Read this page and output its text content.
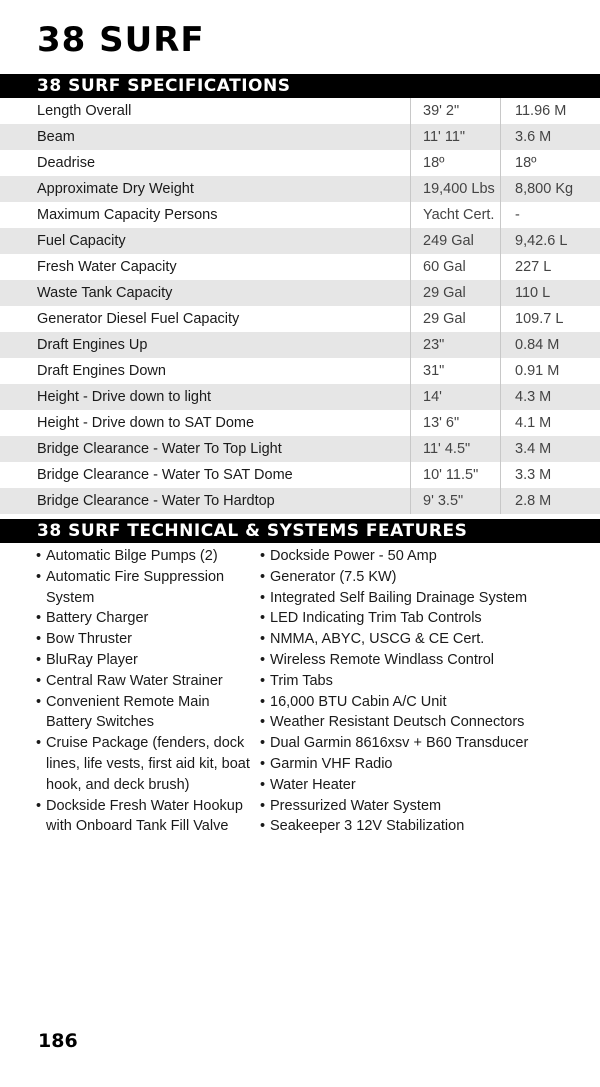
38 SURF
38 SURF SPECIFICATIONS
Length Overall	39' 2"	11.96 M
Beam	11' 11"	3.6 M
Deadrise	18º	18º
Approximate Dry Weight	19,400 Lbs	8,800 Kg
Maximum Capacity Persons	Yacht Cert.	-
Fuel Capacity	249 Gal	9,42.6 L
Fresh Water Capacity	60 Gal	227 L
Waste Tank Capacity	29 Gal	110 L
Generator Diesel Fuel Capacity	29 Gal	109.7 L
Draft Engines Up	23"	0.84 M
Draft Engines Down	31"	0.91 M
Height - Drive down to light	14'	4.3 M
Height - Drive down to SAT Dome	13' 6"	4.1 M
Bridge Clearance - Water To Top Light	11' 4.5"	3.4 M
Bridge Clearance - Water To SAT Dome	10' 11.5"	3.3 M
Bridge Clearance - Water To Hardtop	9' 3.5"	2.8 M
38 SURF TECHNICAL & SYSTEMS FEATURES
• Automatic Bilge Pumps (2)
• Automatic Fire Suppression System
• Battery Charger
• Bow Thruster
• BluRay Player
• Central Raw Water Strainer
• Convenient Remote Main Battery Switches
• Cruise Package (fenders, dock lines, life vests, first aid kit, boat hook, and deck brush)
• Dockside Fresh Water Hookup with Onboard Tank Fill Valve
• Dockside Power - 50 Amp
• Generator (7.5 KW)
• Integrated Self Bailing Drainage System
• LED Indicating Trim Tab Controls
• NMMA, ABYC, USCG & CE Cert.
• Wireless Remote Windlass Control
• Trim Tabs
• 16,000 BTU Cabin A/C Unit
• Weather Resistant Deutsch Connectors
• Dual Garmin 8616xsv + B60 Transducer
• Garmin VHF Radio
• Water Heater
• Pressurized Water System
• Seakeeper 3 12V Stabilization
186
